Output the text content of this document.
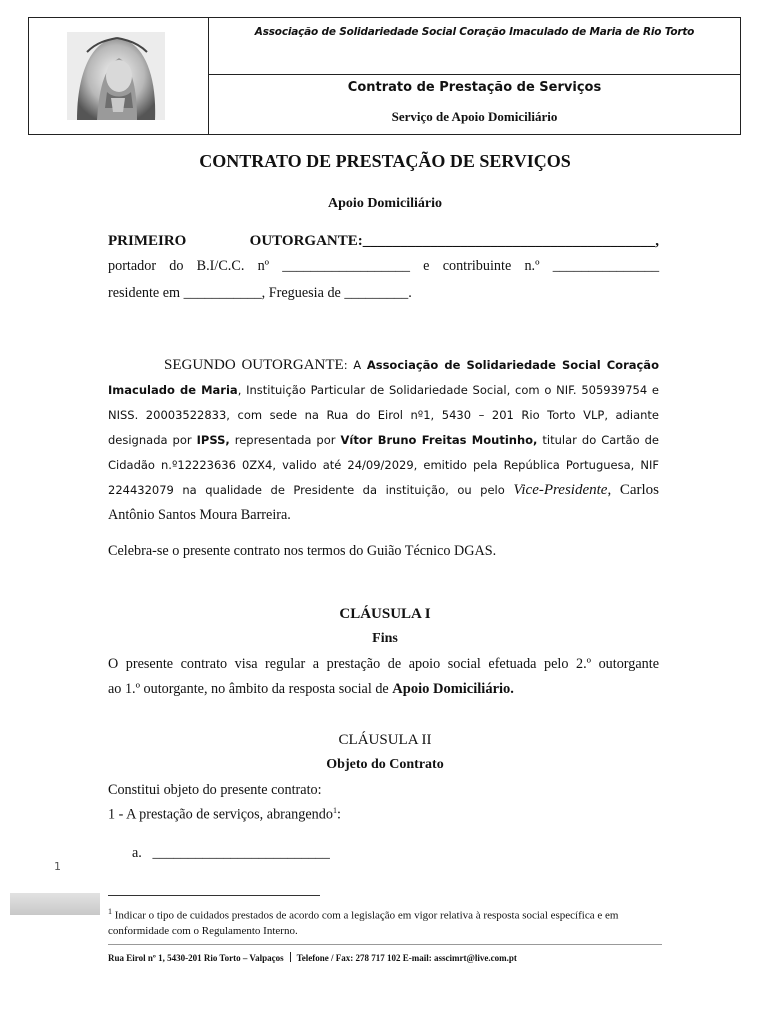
Associação de Solidariedade Social Coração Imaculado de Maria de Rio Torto
Contrato de Prestação de Serviços
Serviço de Apoio Domiciliário
CONTRATO DE PRESTAÇÃO DE SERVIÇOS
Apoio Domiciliário
PRIMEIRO	OUTORGANTE:_______________________________________,
portador do B.I/C.C. nº __________________ e contribuinte n.º _______________
residente em ___________, Freguesia de _________.
SEGUNDO OUTORGANTE: A Associação de Solidariedade Social Coração
Imaculado de Maria, Instituição Particular de Solidariedade Social, com o NIF. 505939754 e
NISS. 20003522833, com sede na Rua do Eirol nº1, 5430 – 201 Rio Torto VLP, adiante
designada por IPSS, representada por Vítor Bruno Freitas Moutinho, titular do Cartão de
Cidadão n.º12223636 0ZX4, valido até 24/09/2029, emitido pela República Portuguesa, NIF
224432079 na qualidade de Presidente da instituição, ou pelo Vice-Presidente, Carlos
Antônio Santos Moura Barreira.
Celebra-se o presente contrato nos termos do Guião Técnico DGAS.
CLÁUSULA I
Fins
O presente contrato visa regular a prestação de apoio social efetuada pelo 2.º outorgante
ao 1.º outorgante, no âmbito da resposta social de Apoio Domiciliário.
CLÁUSULA II
Objeto do Contrato
Constitui objeto do presente contrato:
1 - A prestação de serviços, abrangendo$^1$:
a. _________________________
1
$^1$ Indicar o tipo de cuidados prestados de acordo com a legislação em vigor relativa à resposta social específica e em conformidade com o Regulamento Interno.
Rua Eirol nº 1, 5430-201 Rio Torto – Valpaços Telefone / Fax: 278 717 102 E-mail: asscimrt@live.com.pt
